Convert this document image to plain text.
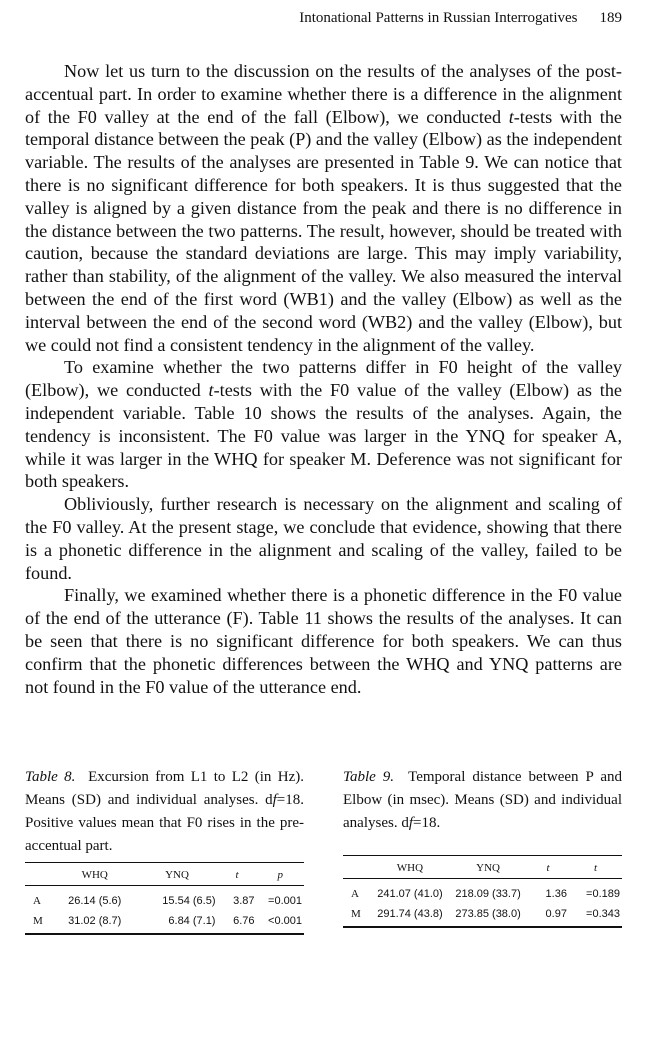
Intonational Patterns in Russian Interrogatives 189

Now let us turn to the discussion on the results of the analyses of the post-accentual part. In order to examine whether there is a difference in the alignment of the F0 valley at the end of the fall (Elbow), we conducted t-tests with the temporal distance between the peak (P) and the valley (Elbow) as the independent variable. The results of the analyses are presented in Table 9. We can notice that there is no significant difference for both speakers. It is thus suggested that the valley is aligned by a given distance from the peak and there is no difference in the distance between the two patterns. The result, however, should be treated with caution, because the standard deviations are large. This may imply variability, rather than stability, of the alignment of the valley. We also measured the interval between the end of the first word (WB1) and the valley (Elbow) as well as the interval between the end of the second word (WB2) and the valley (Elbow), but we could not find a consistent tendency in the alignment of the valley.

To examine whether the two patterns differ in F0 height of the valley (Elbow), we conducted t-tests with the F0 value of the valley (Elbow) as the independent variable. Table 10 shows the results of the analyses. Again, the tendency is inconsistent. The F0 value was larger in the YNQ for speaker A, while it was larger in the WHQ for speaker M. Deference was not significant for both speakers.

Obliviously, further research is necessary on the alignment and scaling of the F0 valley. At the present stage, we conclude that evidence, showing that there is a phonetic difference in the alignment and scaling of the valley, failed to be found.

Finally, we examined whether there is a phonetic difference in the F0 value of the end of the utterance (F). Table 11 shows the results of the analyses. It can be seen that there is no significant difference for both speakers. We can thus confirm that the phonetic differences between the WHQ and YNQ patterns are not found in the F0 value of the utterance end.

Table 8. Excursion from L1 to L2 (in Hz). Means (SD) and individual analyses. df=18. Positive values mean that F0 rises in the pre-accentual part.

	WHQ	YNQ	t	p
A	26.14 (5.6)	15.54 (6.5)	3.87	=0.001
M	31.02 (8.7)	6.84 (7.1)	6.76	<0.001

Table 9. Temporal distance between P and Elbow (in msec). Means (SD) and individual analyses. df=18.

	WHQ	YNQ	t	t
A	241.07 (41.0)	218.09 (33.7)	1.36	=0.189
M	291.74 (43.8)	273.85 (38.0)	0.97	=0.343
